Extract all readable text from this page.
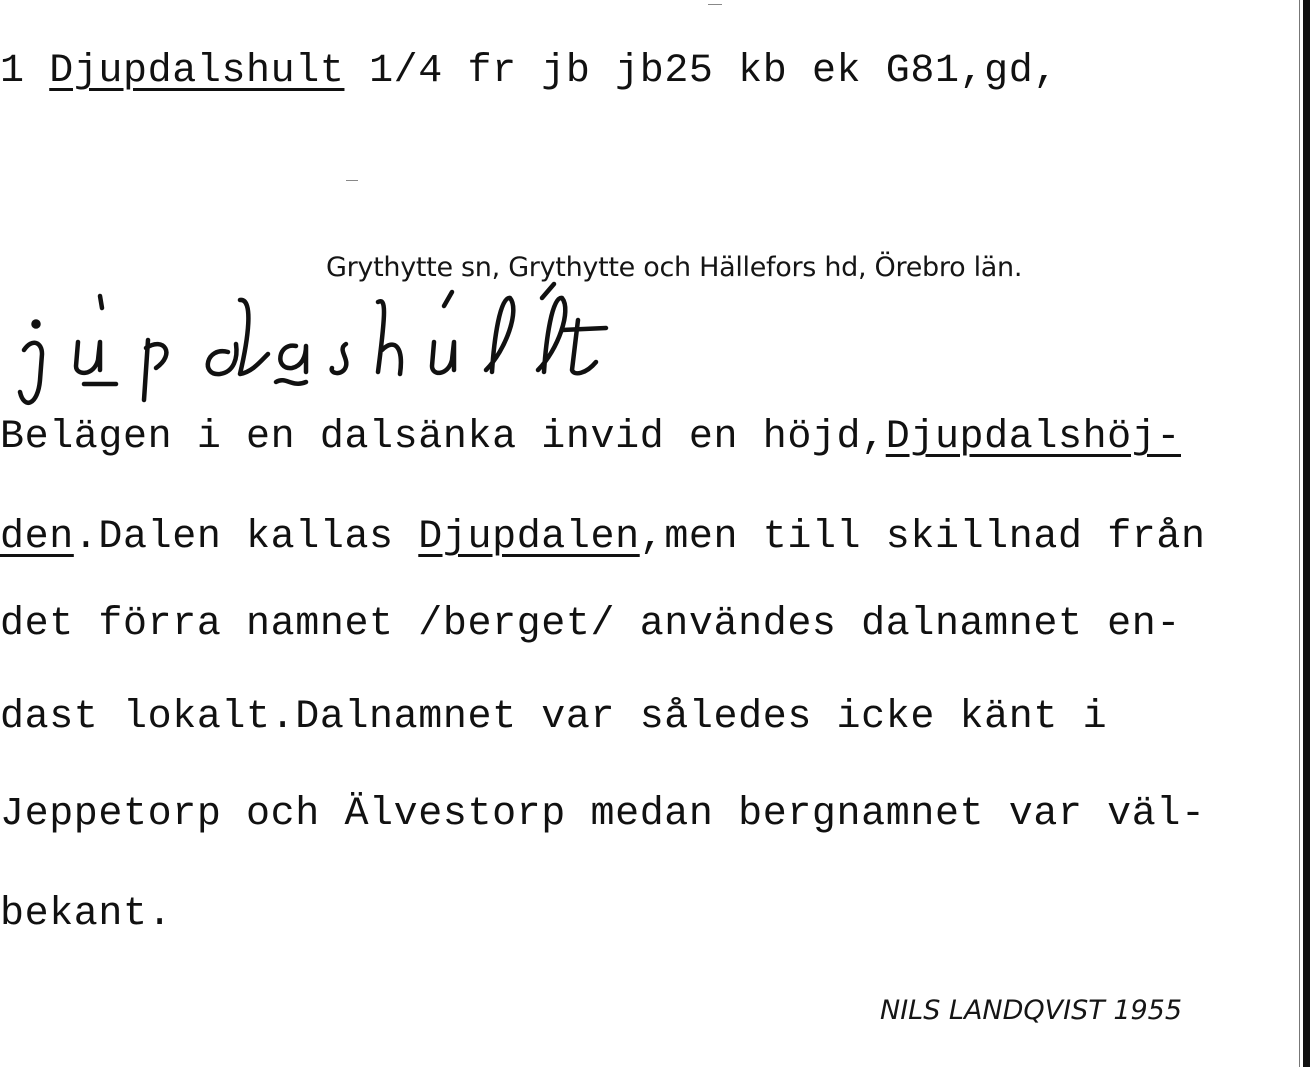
1 Djupdalshult 1/4 fr jb jb25 kb ek G81,gd,
Grythytte sn, Grythytte och Hällefors hd, Örebro län.
Belägen i en dalsänka invid en höjd,Djupdalshöj-
den.Dalen kallas Djupdalen,men till skillnad från
det förra namnet /berget/ användes dalnamnet en-
dast lokalt.Dalnamnet var således icke känt i
Jeppetorp och Älvestorp medan bergnamnet var väl-
bekant.
NILS LANDQVIST 1955
